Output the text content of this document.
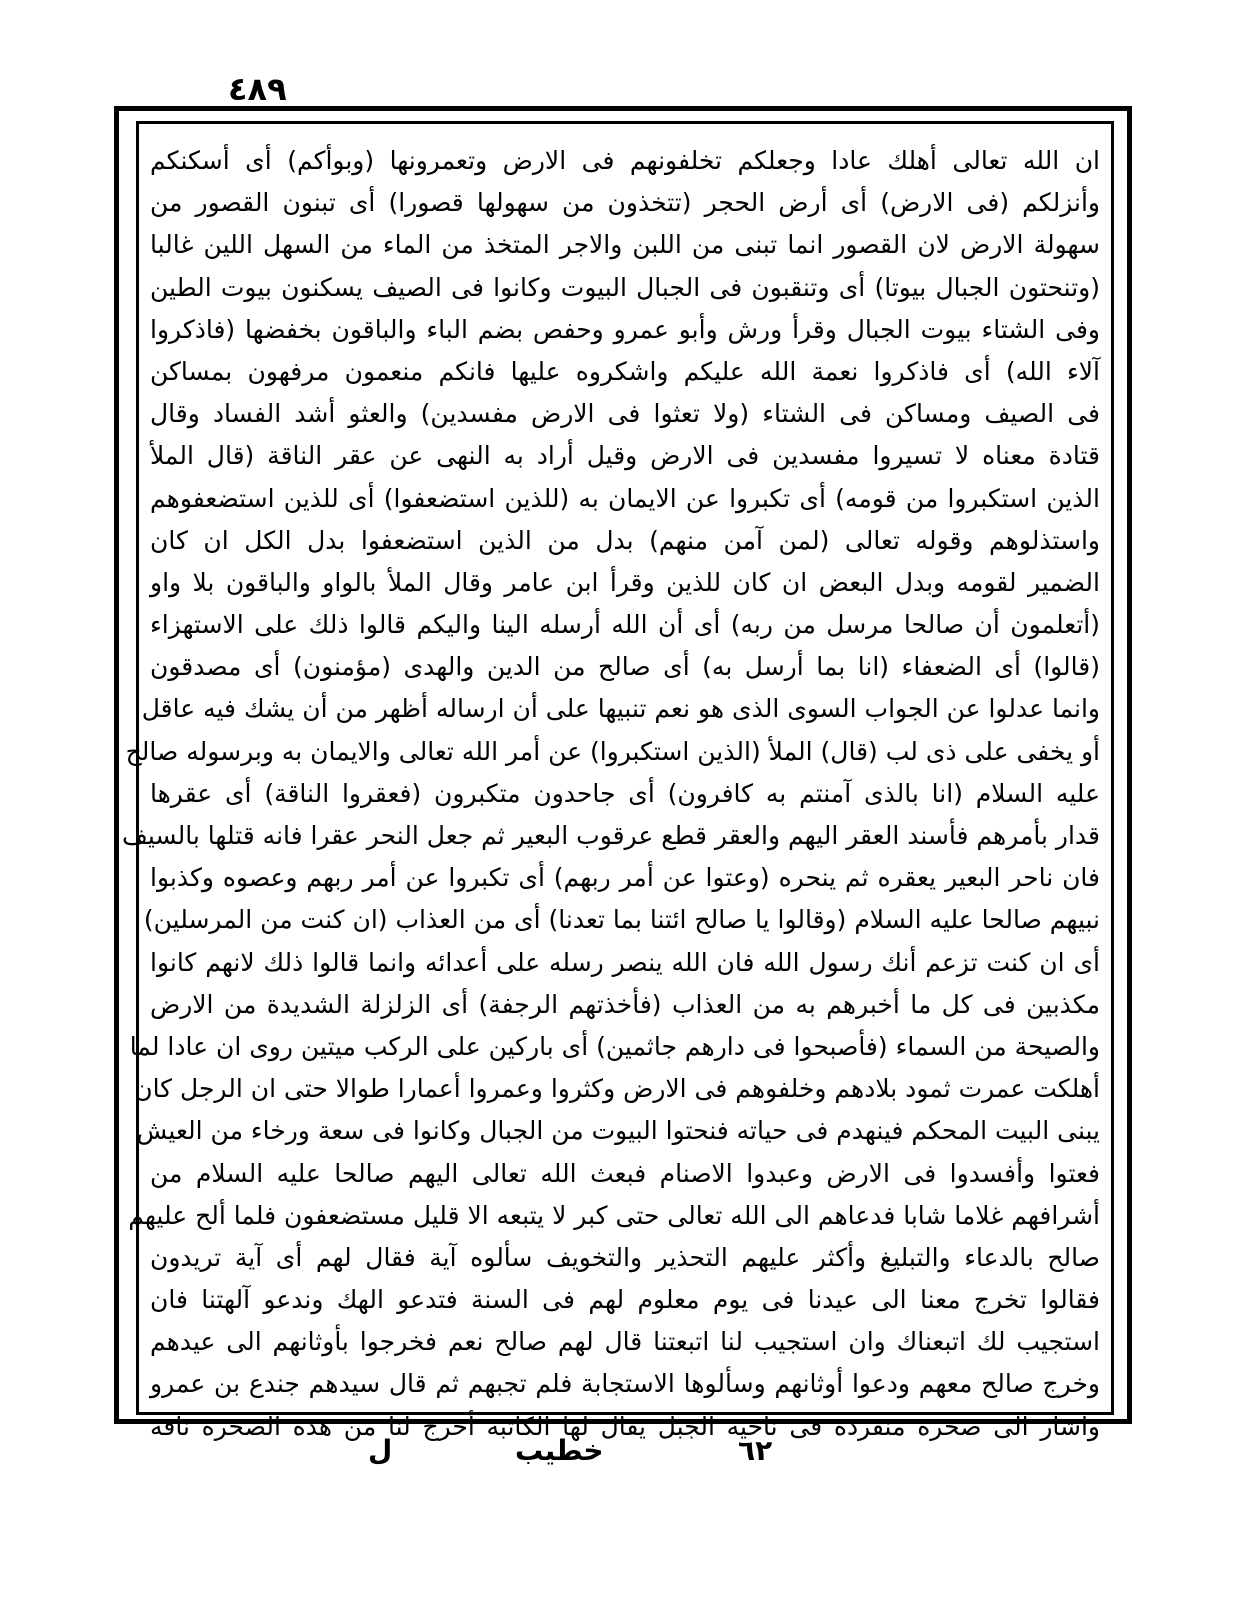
٤٨٩
ان الله تعالى أهلك عادا وجعلكم تخلفونهم فى الارض وتعمرونها (وبوأكم) أى أسكنكم
وأنزلكم (فى الارض) أى أرض الحجر (تتخذون من سهولها قصورا) أى تبنون القصور من
سهولة الارض لان القصور انما تبنى من اللبن والاجر المتخذ من الماء من السهل اللين غالبا
(وتنحتون الجبال بيوتا) أى وتنقبون فى الجبال البيوت وكانوا فى الصيف يسكنون بيوت الطين
وفى الشتاء بيوت الجبال وقرأ ورش وأبو عمرو وحفص بضم الباء والباقون بخفضها (فاذكروا
آلاء الله) أى فاذكروا نعمة الله عليكم واشكروه عليها فانكم منعمون مرفهون بمساكن
فى الصيف ومساكن فى الشتاء (ولا تعثوا فى الارض مفسدين) والعثو أشد الفساد وقال
قتادة معناه لا تسيروا مفسدين فى الارض وقيل أراد به النهى عن عقر الناقة (قال الملأ
الذين استكبروا من قومه) أى تكبروا عن الايمان به (للذين استضعفوا) أى للذين استضعفوهم
واستذلوهم وقوله تعالى (لمن آمن منهم) بدل من الذين استضعفوا بدل الكل ان كان
الضمير لقومه وبدل البعض ان كان للذين وقرأ ابن عامر وقال الملأ بالواو والباقون بلا واو
(أتعلمون أن صالحا مرسل من ربه) أى أن الله أرسله الينا واليكم قالوا ذلك على الاستهزاء
(قالوا) أى الضعفاء (انا بما أرسل به) أى صالح من الدين والهدى (مؤمنون) أى مصدقون
وانما عدلوا عن الجواب السوى الذى هو نعم تنبيها على أن ارساله أظهر من أن يشك فيه عاقل
أو يخفى على ذى لب (قال) الملأ (الذين استكبروا) عن أمر الله تعالى والايمان به وبرسوله صالح
عليه السلام (انا بالذى آمنتم به كافرون) أى جاحدون متكبرون (فعقروا الناقة) أى عقرها
قدار بأمرهم فأسند العقر اليهم والعقر قطع عرقوب البعير ثم جعل النحر عقرا فانه قتلها بالسيف
فان ناحر البعير يعقره ثم ينحره (وعتوا عن أمر ربهم) أى تكبروا عن أمر ربهم وعصوه وكذبوا
نبيهم صالحا عليه السلام (وقالوا يا صالح ائتنا بما تعدنا) أى من العذاب (ان كنت من المرسلين)
أى ان كنت تزعم أنك رسول الله فان الله ينصر رسله على أعدائه وانما قالوا ذلك لانهم كانوا
مكذبين فى كل ما أخبرهم به من العذاب (فأخذتهم الرجفة) أى الزلزلة الشديدة من الارض
والصيحة من السماء (فأصبحوا فى دارهم جاثمين) أى باركين على الركب ميتين روى ان عادا لما
أهلكت عمرت ثمود بلادهم وخلفوهم فى الارض وكثروا وعمروا أعمارا طوالا حتى ان الرجل كان
يبنى البيت المحكم فينهدم فى حياته فنحتوا البيوت من الجبال وكانوا فى سعة ورخاء من العيش
فعتوا وأفسدوا فى الارض وعبدوا الاصنام فبعث الله تعالى اليهم صالحا عليه السلام من
أشرافهم غلاما شابا فدعاهم الى الله تعالى حتى كبر لا يتبعه الا قليل مستضعفون فلما ألح عليهم
صالح بالدعاء والتبليغ وأكثر عليهم التحذير والتخويف سألوه آية فقال لهم أى آية تريدون
فقالوا تخرج معنا الى عيدنا فى يوم معلوم لهم فى السنة فتدعو الهك وندعو آلهتنا فان
استجيب لك اتبعناك وان استجيب لنا اتبعتنا قال لهم صالح نعم فخرجوا بأوثانهم الى عيدهم
وخرج صالح معهم ودعوا أوثانهم وسألوها الاستجابة فلم تجبهم ثم قال سيدهم جندع بن عمرو
واشار الى صخرة منفردة فى ناحية الجبل يقال لها الكاثبة أخرج لنا من هذه الصخرة ناقة
٦٢
خطيب
ل
